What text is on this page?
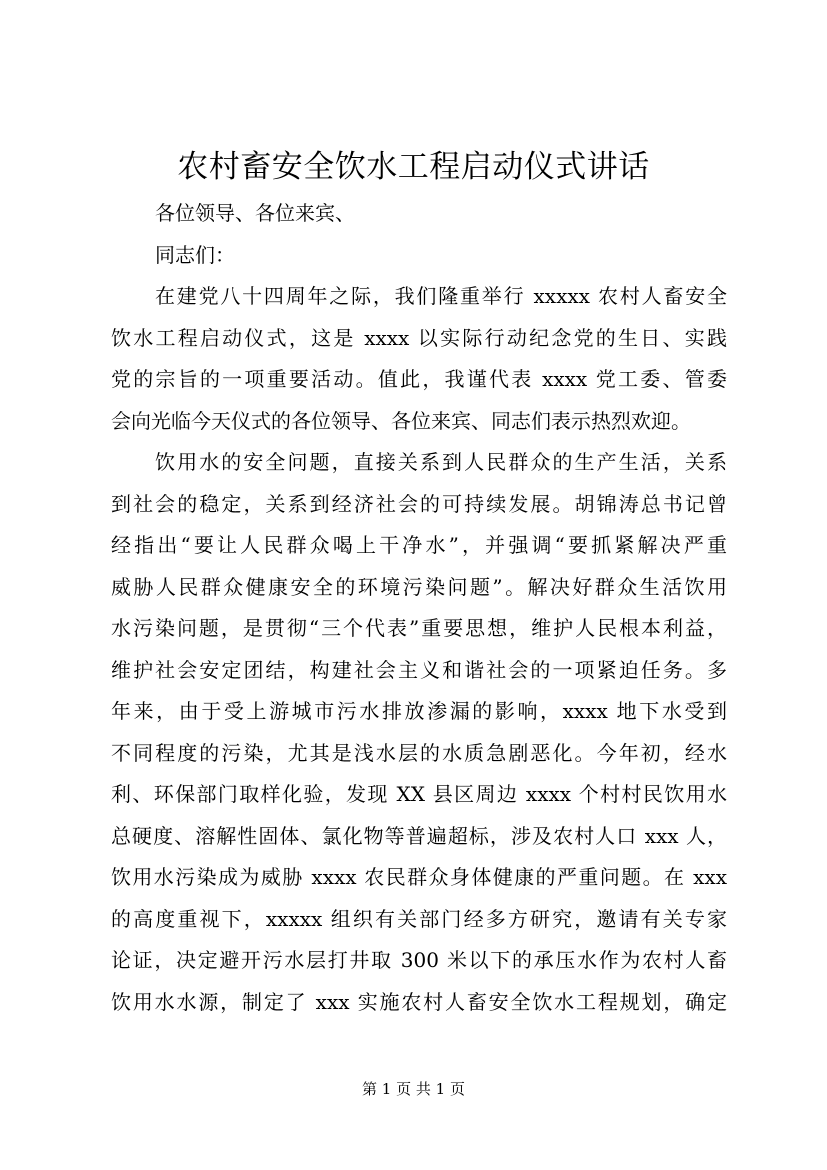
农村畜安全饮水工程启动仪式讲话
各位领导、各位来宾、
同志们：
在建党八十四周年之际，我们隆重举行 xxxxx 农村人畜安全
饮水工程启动仪式，这是 xxxx 以实际行动纪念党的生日、实践
党的宗旨的一项重要活动。值此，我谨代表 xxxx 党工委、管委
会向光临今天仪式的各位领导、各位来宾、同志们表示热烈欢迎。
饮用水的安全问题，直接关系到人民群众的生产生活，关系
到社会的稳定，关系到经济社会的可持续发展。胡锦涛总书记曾
经指出“要让人民群众喝上干净水”，并强调“要抓紧解决严重
威胁人民群众健康安全的环境污染问题”。解决好群众生活饮用
水污染问题，是贯彻“三个代表”重要思想，维护人民根本利益，
维护社会安定团结，构建社会主义和谐社会的一项紧迫任务。多
年来，由于受上游城市污水排放渗漏的影响，xxxx 地下水受到
不同程度的污染，尤其是浅水层的水质急剧恶化。今年初，经水
利、环保部门取样化验，发现 XX 县区周边 xxxx 个村村民饮用水
总硬度、溶解性固体、氯化物等普遍超标，涉及农村人口 xxx 人，
饮用水污染成为威胁 xxxx 农民群众身体健康的严重问题。在 xxx
的高度重视下，xxxxx 组织有关部门经多方研究，邀请有关专家
论证，决定避开污水层打井取 300 米以下的承压水作为农村人畜
饮用水水源，制定了 xxx 实施农村人畜安全饮水工程规划，确定
第 1 页 共 1 页
